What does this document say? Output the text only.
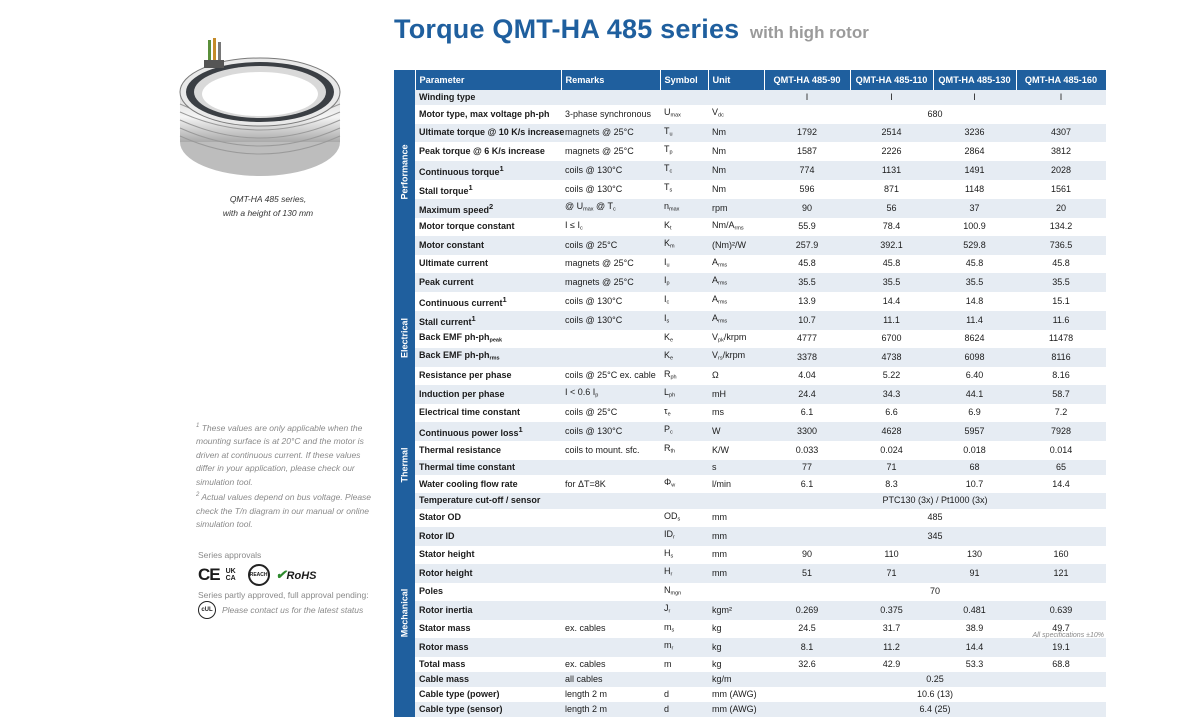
Torque QMT-HA 485 series with high rotor
QMT-HA 485 series,
with a height of 130 mm

$^1$ These values are only applicable when the mounting surface is at 20°C and the motor is driven at continuous current. If these values differ in your application, please check our simulation tool.

$^2$ Actual values depend on bus voltage. Please check the T/n diagram in our manual or online simulation tool.

Series approvals
CE UK CA	REACH ✔RoHS
Series partly approved, full approval pending:
cUL	Please contact us for the latest status
	Parameter	Remarks	Symbol	Unit	QMT-HA 485-90	QMT-HA 485-110	QMT-HA 485-130	QMT-HA 485-160

Performance	Winding type				I	I	I	I
	Motor type, max voltage ph-ph	3-phase synchronous	$U_{max}$	$V_{dc}$	680			
	Ultimate torque @ 10 K/s increase	magnets @ 25°C	$T_u$	Nm	1792	2514	3236	4307
	Peak torque @ 6 K/s increase	magnets @ 25°C	$T_p$	Nm	1587	2226	2864	3812
	Continuous torque$^1$	coils @ 130°C	$T_c$	Nm	774	1131	1491	2028
	Stall torque$^1$	coils @ 130°C	$T_s$	Nm	596	871	1148	1561
	Maximum speed$^2$	@ $U_{max}$ @ $T_c$	$n_{max}$	rpm	90	56	37	20
	Motor torque constant	$I \le I_c$	$K_t$	$Nm/A_{rms}$	55.9	78.4	100.9	134.2
	Motor constant	coils @ 25°C	$K_m$	(Nm)²/W	257.9	392.1	529.8	736.5

Electrical	Ultimate current	magnets @ 25°C	$I_u$	$A_{rms}$	45.8	45.8	45.8	45.8
	Peak current	magnets @ 25°C	$I_p$	$A_{rms}$	35.5	35.5	35.5	35.5
	Continuous current$^1$	coils @ 130°C	$I_c$	$A_{rms}$	13.9	14.4	14.8	15.1
	Stall current$^1$	coils @ 130°C	$I_s$	$A_{rms}$	10.7	11.1	11.4	11.6
	Back EMF $ph-ph_{peak}$		$K_e$	$V_{pk}$/krpm	4777	6700	8624	11478
	Back EMF $ph-ph_{rms}$		$K_e$	$V_{rs}$/krpm	3378	4738	6098	8116
	Resistance per phase	coils @ 25°C ex. cable	$R_{ph}$	Ω	4.04	5.22	6.40	8.16
	Induction per phase	I < 0.6 $I_p$	$L_{ph}$	mH	24.4	34.3	44.1	58.7
	Electrical time constant	coils @ 25°C	$\tau_e$	ms	6.1	6.6	6.9	7.2

Thermal	Continuous power loss$^1$	coils @ 130°C	$P_c$	W	3300	4628	5957	7928
	Thermal resistance	coils to mount. sfc.	$R_{th}$	K/W	0.033	0.024	0.018	0.014
	Thermal time constant			s	77	71	68	65
	Water cooling flow rate	for ΔT=8K	$\Phi_w$	l/min	6.1	8.3	10.7	14.4
	Temperature cut-off / sensor				PTC130 (3x) / Pt1000 (3x)			

Mechanical	Stator OD		$OD_s$	mm	485			
	Rotor ID		$ID_r$	mm	345			
	Stator height		$H_s$	mm	90	110	130	160
	Rotor height		$H_r$	mm	51	71	91	121
	Poles		$N_{mgn}$		70			
	Rotor inertia		$J_r$	kgm²	0.269	0.375	0.481	0.639
	Stator mass	ex. cables	$m_s$	kg	24.5	31.7	38.9	49.7
	Rotor mass		$m_r$	kg	8.1	11.2	14.4	19.1
	Total mass	ex. cables	m	kg	32.6	42.9	53.3	68.8
	Cable mass	all cables		kg/m	0.25			
	Cable type (power)	length 2 m	d	mm (AWG)	10.6 (13)			
	Cable type (sensor)	length 2 m	d	mm (AWG)	6.4 (25)			
All specifications ±10%
